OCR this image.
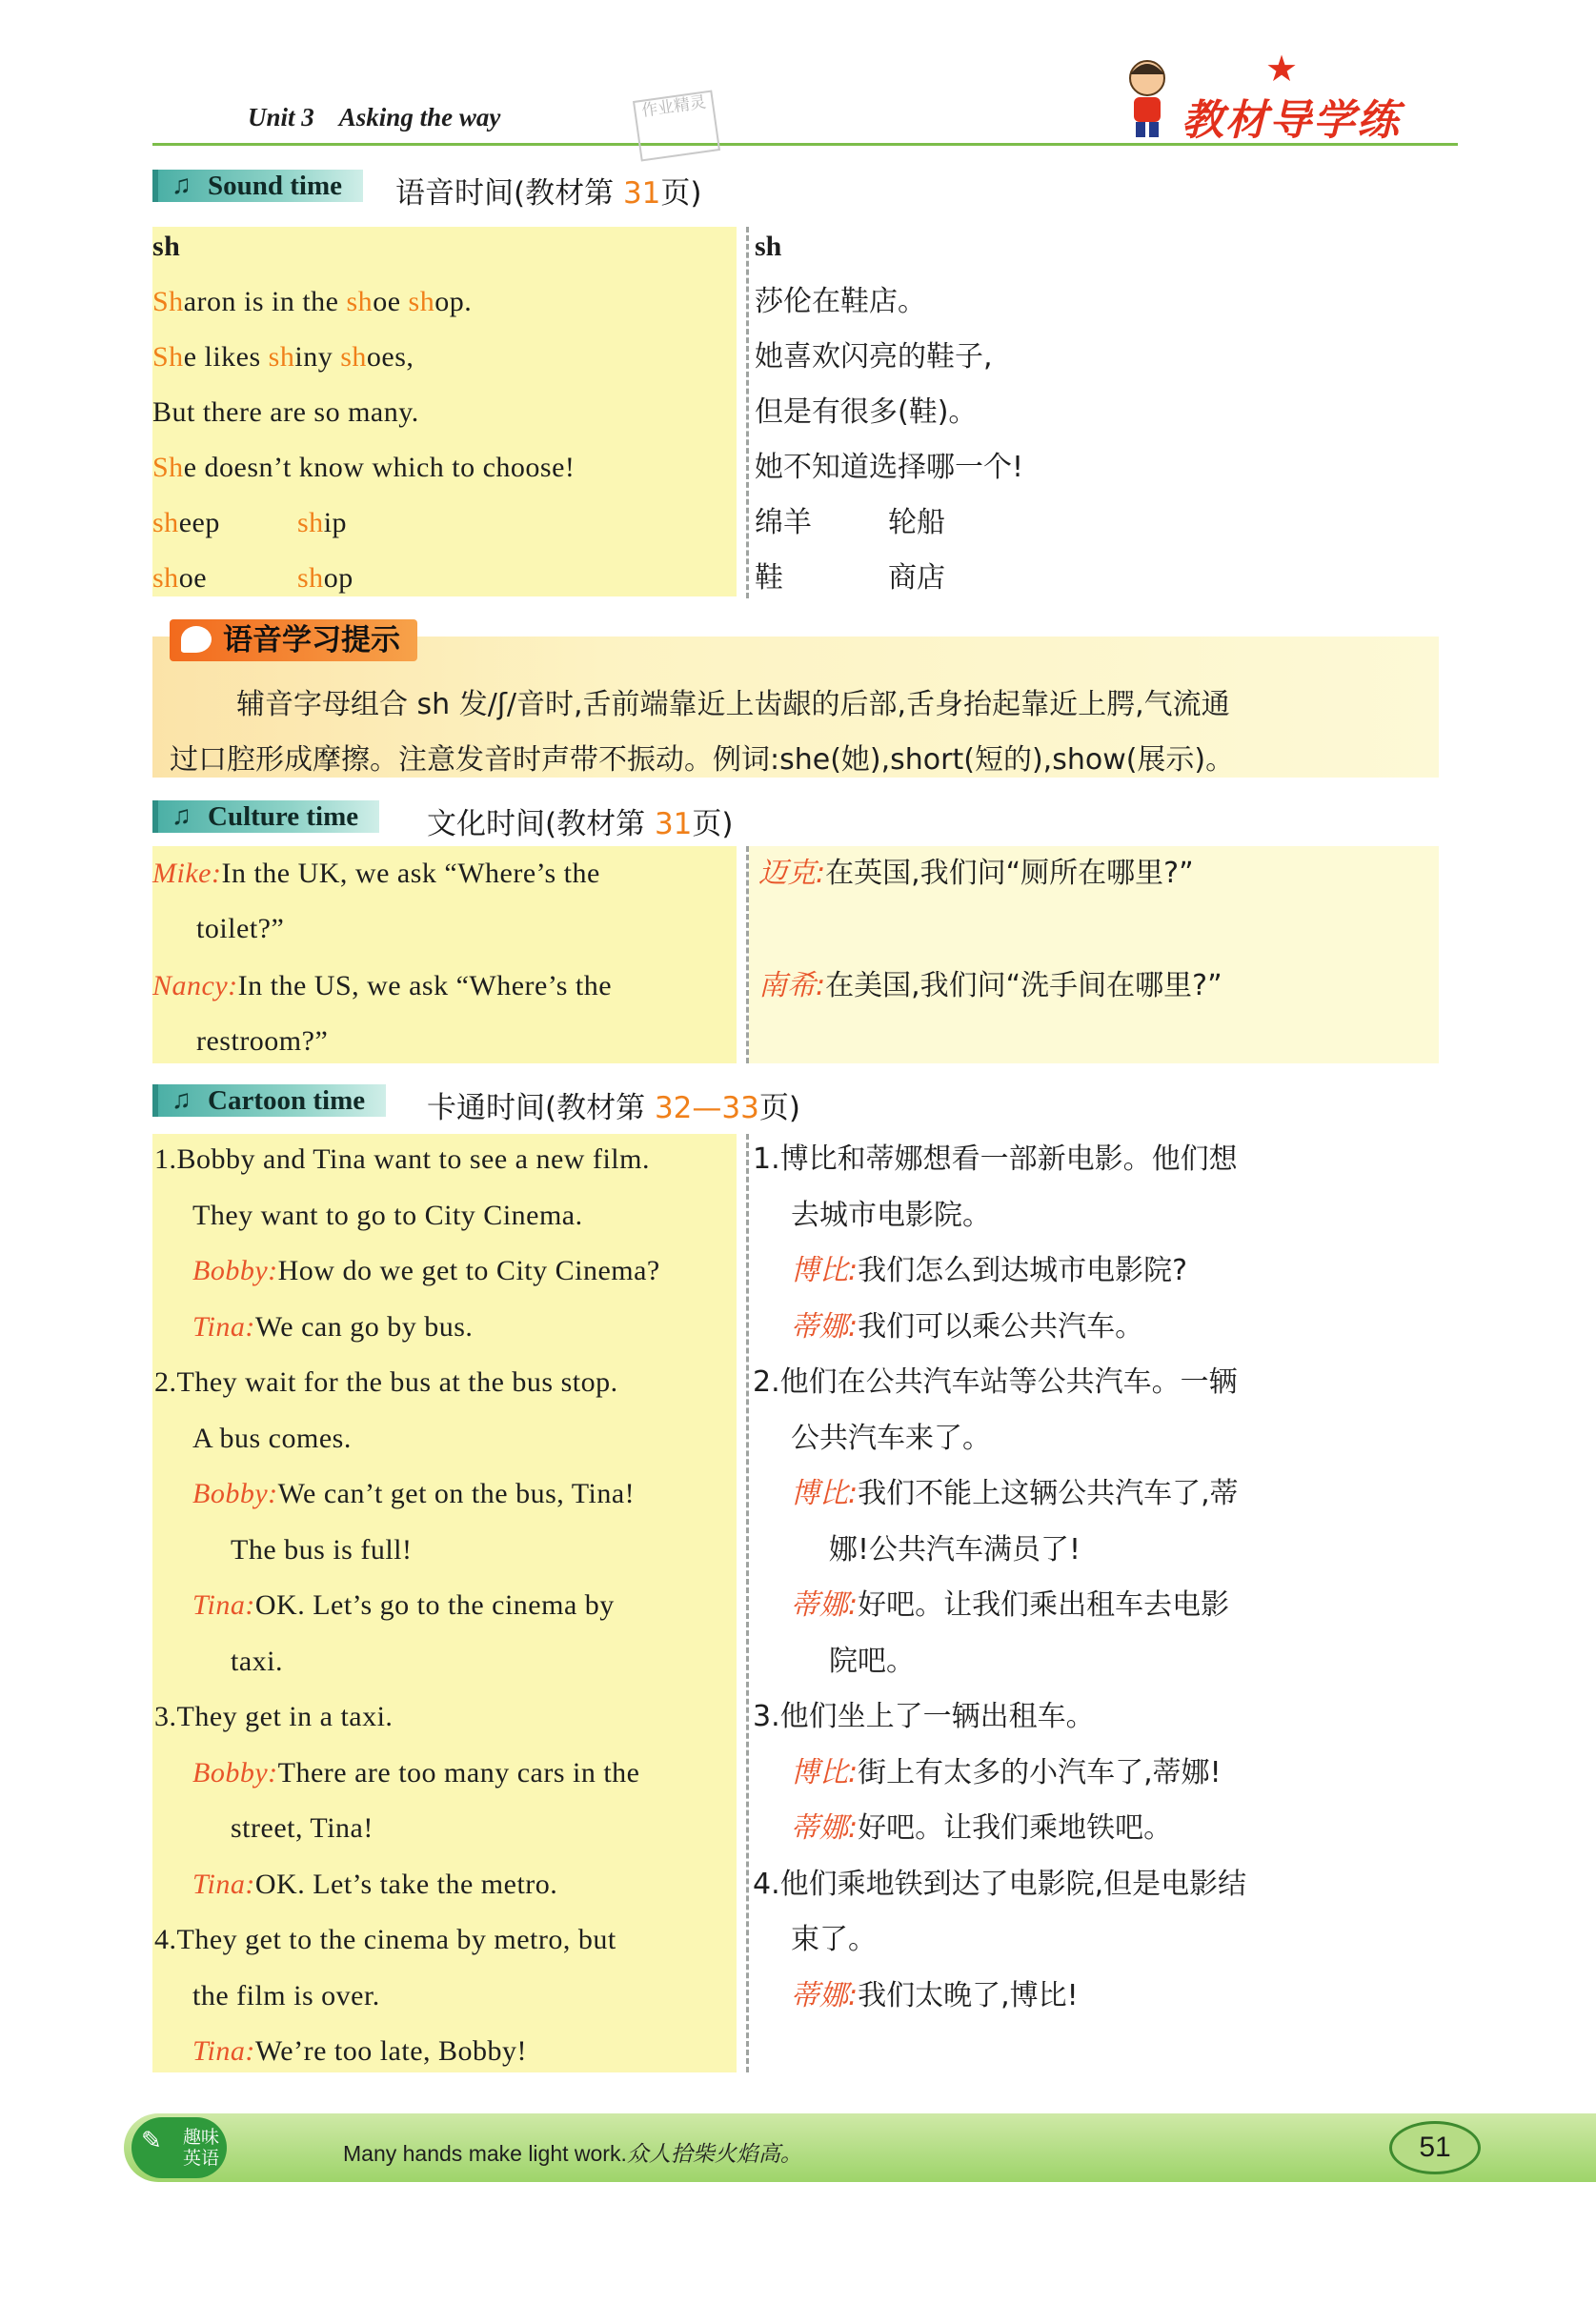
Unit 3 Asking the way	作业精灵
★
教材导学练
♫ Sound time	语音时间(教材第 31页)
sh	sh
Sharon is in the shoe shop.
She likes shiny shoes,
But there are so many.
She doesn’t know which to choose!
sheep	ship
shoe	shop
莎伦在鞋店。
她喜欢闪亮的鞋子,
但是有很多(鞋)。
她不知道选择哪一个!
绵羊	轮船
鞋	商店
语音学习提示
辅音字母组合 sh 发/ʃ/音时,舌前端靠近上齿龈的后部,舌身抬起靠近上腭,气流通
过口腔形成摩擦。注意发音时声带不振动。例词:she(她),short(短的),show(展示)。
♫ Culture time	文化时间(教材第 31页)
Mike:In the UK, we ask “Where’s the
toilet?”
Nancy:In the US, we ask “Where’s the
restroom?”
迈克:在英国,我们问“厕所在哪里?”
南希:在美国,我们问“洗手间在哪里?”
♫ Cartoon time	卡通时间(教材第 32—33页)
1.Bobby and Tina want to see a new film.
They want to go to City Cinema.
Bobby:How do we get to City Cinema?
Tina:We can go by bus.
2.They wait for the bus at the bus stop.
A bus comes.
Bobby:We can’t get on the bus, Tina!
The bus is full!
Tina:OK. Let’s go to the cinema by
taxi.
3.They get in a taxi.
Bobby:There are too many cars in the
street, Tina!
Tina:OK. Let’s take the metro.
4.They get to the cinema by metro, but
the film is over.
Tina:We’re too late, Bobby!
1.博比和蒂娜想看一部新电影。他们想
去城市电影院。
博比:我们怎么到达城市电影院?
蒂娜:我们可以乘公共汽车。
2.他们在公共汽车站等公共汽车。一辆
公共汽车来了。
博比:我们不能上这辆公共汽车了,蒂
娜!公共汽车满员了!
蒂娜:好吧。让我们乘出租车去电影
院吧。
3.他们坐上了一辆出租车。
博比:街上有太多的小汽车了,蒂娜!
蒂娜:好吧。让我们乘地铁吧。
4.他们乘地铁到达了电影院,但是电影结
束了。
蒂娜:我们太晚了,博比!
✎	趣味
英语	Many hands make light work.众人拾柴火焰高。	51
